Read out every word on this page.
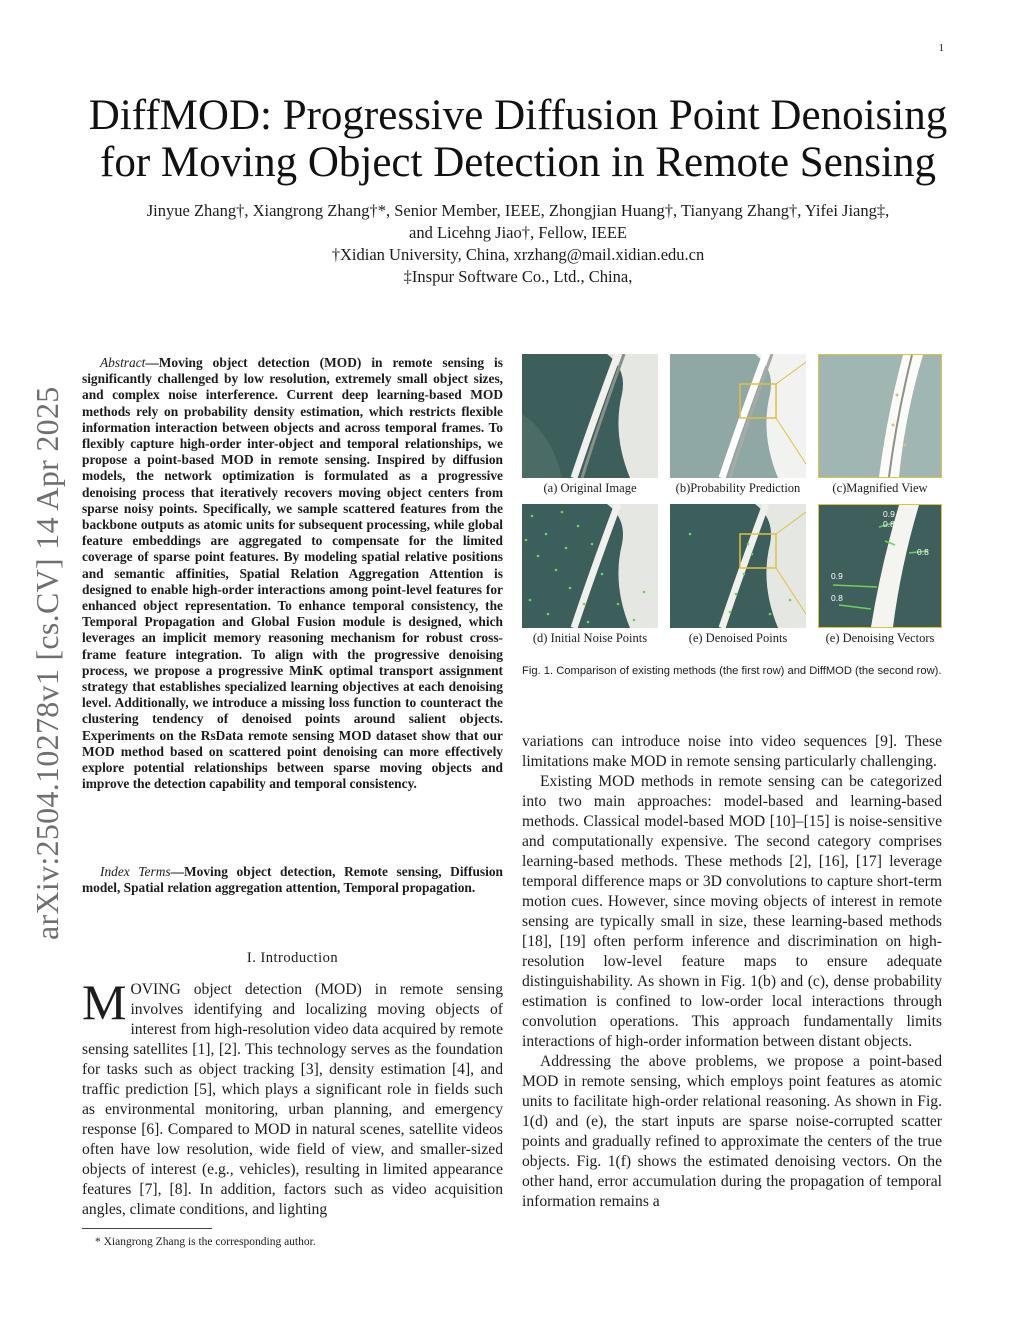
1
DiffMOD: Progressive Diffusion Point Denoising for Moving Object Detection in Remote Sensing
Jinyue Zhang†, Xiangrong Zhang†*, Senior Member, IEEE, Zhongjian Huang†, Tianyang Zhang†, Yifei Jiang‡,
and Licehng Jiao†, Fellow, IEEE
†Xidian University, China, xrzhang@mail.xidian.edu.cn
‡Inspur Software Co., Ltd., China,
arXiv:2504.10278v1 [cs.CV] 14 Apr 2025
Abstract—Moving object detection (MOD) in remote sensing is significantly challenged by low resolution, extremely small object sizes, and complex noise interference. Current deep learning-based MOD methods rely on probability density estimation, which restricts flexible information interaction between objects and across temporal frames. To flexibly capture high-order inter-object and temporal relationships, we propose a point-based MOD in remote sensing. Inspired by diffusion models, the network optimization is formulated as a progressive denoising process that iteratively recovers moving object centers from sparse noisy points. Specifically, we sample scattered features from the backbone outputs as atomic units for subsequent processing, while global feature embeddings are aggregated to compensate for the limited coverage of sparse point features. By modeling spatial relative positions and semantic affinities, Spatial Relation Aggregation Attention is designed to enable high-order interactions among point-level features for enhanced object representation. To enhance temporal consistency, the Temporal Propagation and Global Fusion module is designed, which leverages an implicit memory reasoning mechanism for robust cross-frame feature integration. To align with the progressive denoising process, we propose a progressive MinK optimal transport assignment strategy that establishes specialized learning objectives at each denoising level. Additionally, we introduce a missing loss function to counteract the clustering tendency of denoised points around salient objects. Experiments on the RsData remote sensing MOD dataset show that our MOD method based on scattered point denoising can more effectively explore potential relationships between sparse moving objects and improve the detection capability and temporal consistency.
Index Terms—Moving object detection, Remote sensing, Diffusion model, Spatial relation aggregation attention, Temporal propagation.
I. Introduction
MOVING object detection (MOD) in remote sensing involves identifying and localizing moving objects of interest from high-resolution video data acquired by remote sensing satellites [1], [2]. This technology serves as the foundation for tasks such as object tracking [3], density estimation [4], and traffic prediction [5], which plays a significant role in fields such as environmental monitoring, urban planning, and emergency response [6]. Compared to MOD in natural scenes, satellite videos often have low resolution, wide field of view, and smaller-sized objects of interest (e.g., vehicles), resulting in limited appearance features [7], [8]. In addition, factors such as video acquisition angles, climate conditions, and lighting
* Xiangrong Zhang is the corresponding author.
(a) Original Image	(b)Probability Prediction	(c)Magnified View
0.9
0.8
0.8
0.9
0.8
(d) Initial Noise Points	(e) Denoised Points	(e) Denoising Vectors
Fig. 1. Comparison of existing methods (the first row) and DiffMOD (the second row).

variations can introduce noise into video sequences [9]. These limitations make MOD in remote sensing particularly challenging.

Existing MOD methods in remote sensing can be categorized into two main approaches: model-based and learning-based methods. Classical model-based MOD [10]–[15] is noise-sensitive and computationally expensive. The second category comprises learning-based methods. These methods [2], [16], [17] leverage temporal difference maps or 3D convolutions to capture short-term motion cues. However, since moving objects of interest in remote sensing are typically small in size, these learning-based methods [18], [19] often perform inference and discrimination on high-resolution low-level feature maps to ensure adequate distinguishability. As shown in Fig. 1(b) and (c), dense probability estimation is confined to low-order local interactions through convolution operations. This approach fundamentally limits interactions of high-order information between distant objects.

Addressing the above problems, we propose a point-based MOD in remote sensing, which employs point features as atomic units to facilitate high-order relational reasoning. As shown in Fig. 1(d) and (e), the start inputs are sparse noise-corrupted scatter points and gradually refined to approximate the centers of the true objects. Fig. 1(f) shows the estimated denoising vectors. On the other hand, error accumulation during the propagation of temporal information remains a
